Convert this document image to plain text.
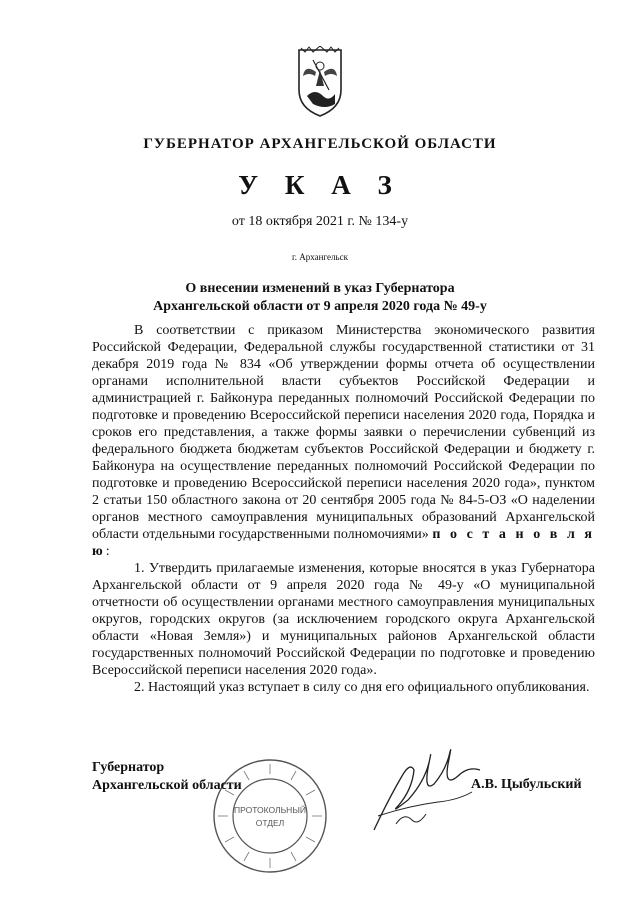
ГУБЕРНАТОР АРХАНГЕЛЬСКОЙ ОБЛАСТИ
У К А З
от 18 октября 2021 г. № 134-у
г. Архангельск
О внесении изменений в указ Губернатора
Архангельской области от 9 апреля 2020 года № 49-у

В соответствии с приказом Министерства экономического развития Российской Федерации, Федеральной службы государственной статистики от 31 декабря 2019 года № 834 «Об утверждении формы отчета об осуществлении органами исполнительной власти субъектов Российской Федерации и администрацией г. Байконура переданных полномочий Российской Федерации по подготовке и проведению Всероссийской переписи населения 2020 года, Порядка и сроков его представления, а также формы заявки о перечислении субвенций из федерального бюджета бюджетам субъектов Российской Федерации и бюджету г. Байконура на осуществление переданных полномочий Российской Федерации по подготовке и проведению Всероссийской переписи населения 2020 года», пунктом 2 статьи 150 областного закона от 20 сентября 2005 года № 84-5-ОЗ «О наделении органов местного самоуправления муниципальных образований Архангельской области отдельными государственными полномочиями» п о с т а н о в л я ю:

1. Утвердить прилагаемые изменения, которые вносятся в указ Губернатора Архангельской области от 9 апреля 2020 года № 49-у «О муниципальной отчетности об осуществлении органами местного самоуправления муниципальных округов, городских округов (за исключением городского округа Архангельской области «Новая Земля») и муниципальных районов Архангельской области государственных полномочий Российской Федерации по подготовке и проведению Всероссийской переписи населения 2020 года».

2. Настоящий указ вступает в силу со дня его официального опубликования.

ПРОТОКОЛЬНЫЙ
ОТДЕЛ
Губернатор
Архангельской области	А.В. Цыбульский
